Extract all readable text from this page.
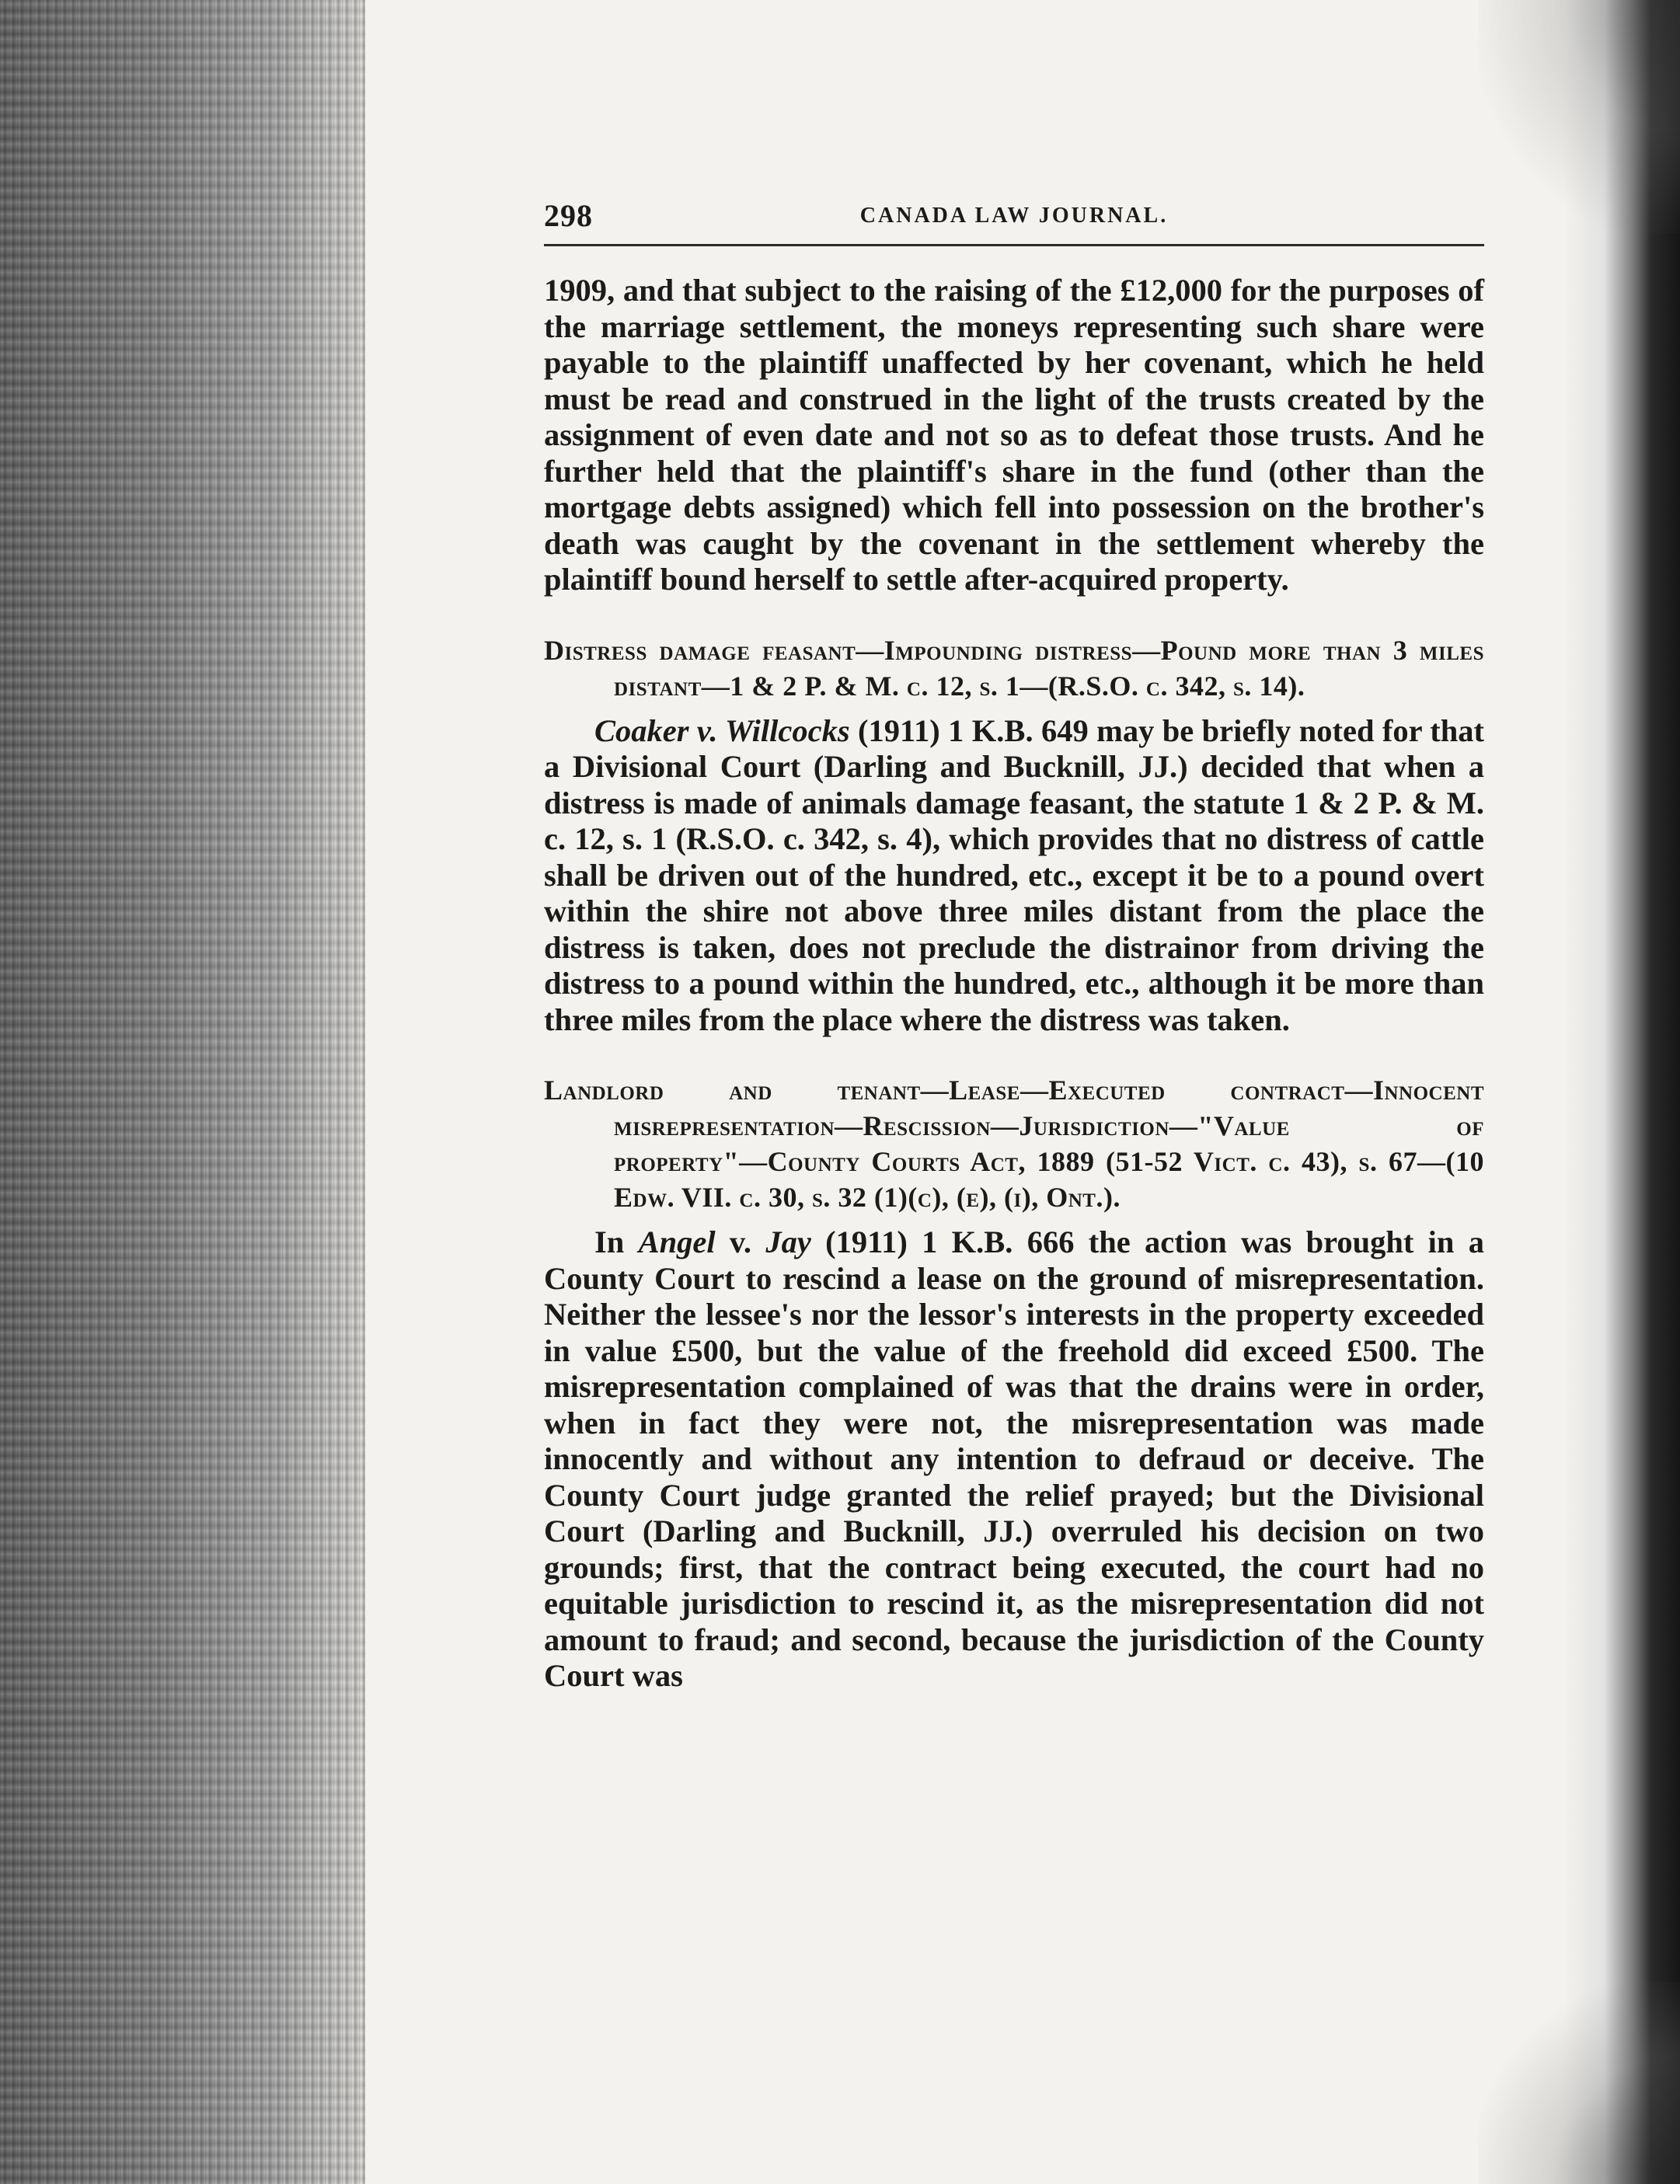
298	CANADA LAW JOURNAL.

1909, and that subject to the raising of the £12,000 for the purposes of the marriage settlement, the moneys representing such share were payable to the plaintiff unaffected by her covenant, which he held must be read and construed in the light of the trusts created by the assignment of even date and not so as to defeat those trusts. And he further held that the plaintiff's share in the fund (other than the mortgage debts assigned) which fell into possession on the brother's death was caught by the covenant in the settlement whereby the plaintiff bound herself to settle after-acquired property.

Distress damage feasant—Impounding distress—Pound more than 3 miles distant—1 & 2 P. & M. c. 12, s. 1—(R.S.O. c. 342, s. 14).

Coaker v. Willcocks (1911) 1 K.B. 649 may be briefly noted for that a Divisional Court (Darling and Bucknill, JJ.) decided that when a distress is made of animals damage feasant, the statute 1 & 2 P. & M. c. 12, s. 1 (R.S.O. c. 342, s. 4), which provides that no distress of cattle shall be driven out of the hundred, etc., except it be to a pound overt within the shire not above three miles distant from the place the distress is taken, does not preclude the distrainor from driving the distress to a pound within the hundred, etc., although it be more than three miles from the place where the distress was taken.

Landlord and tenant—Lease—Executed contract—Innocent misrepresentation—Rescission—Jurisdiction—"Value of property"—County Courts Act, 1889 (51-52 Vict. c. 43), s. 67—(10 Edw. VII. c. 30, s. 32 (1)(c), (e), (i), Ont.).

In Angel v. Jay (1911) 1 K.B. 666 the action was brought in a County Court to rescind a lease on the ground of misrepresentation. Neither the lessee's nor the lessor's interests in the property exceeded in value £500, but the value of the freehold did exceed £500. The misrepresentation complained of was that the drains were in order, when in fact they were not, the misrepresentation was made innocently and without any intention to defraud or deceive. The County Court judge granted the relief prayed; but the Divisional Court (Darling and Bucknill, JJ.) overruled his decision on two grounds; first, that the contract being executed, the court had no equitable jurisdiction to rescind it, as the misrepresentation did not amount to fraud; and second, because the jurisdiction of the County Court was
